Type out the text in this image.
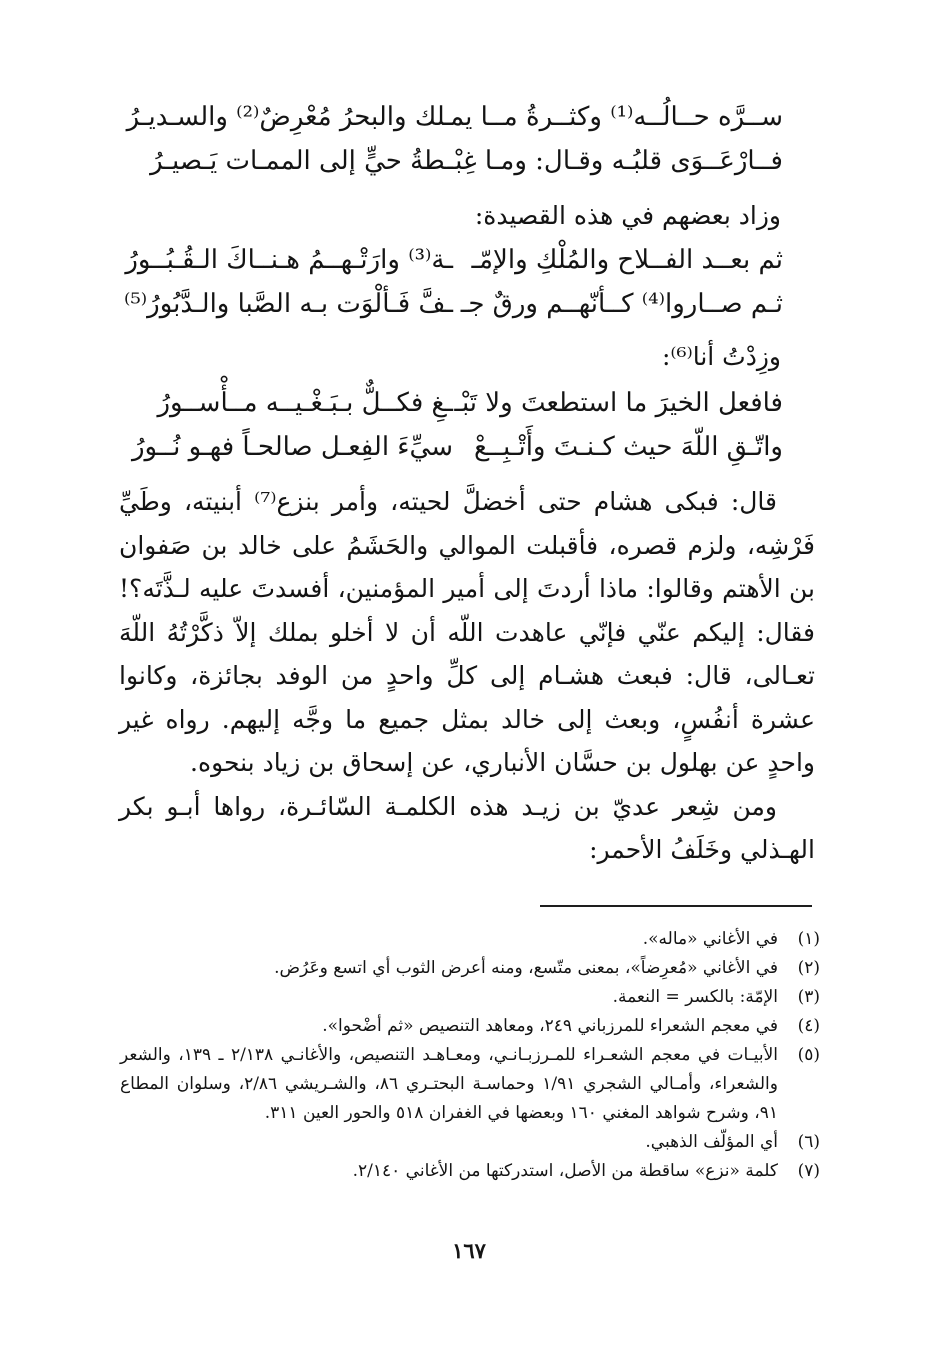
ســرَّه حــالُــه⁽¹⁾ وكثــرةُ مــا يمـ
ـلك والبحرُ مُعْرِضٌ⁽²⁾ والسـديـرُ
فــارْعَــوَى قلبُـه وقـال: ومـا غِبْـ
ـطةُ حيٍّ إلى الممـات يَـصيـرُ
وزاد بعضهم في هذه القصيدة:
ثم بعــد الفــلاح والمُلْكِ والإمّـ
ـة⁽³⁾ وارَتْـهــمُ هـنــاكَ الـقُـبُــورُ
ثـم صــاروا⁽⁴⁾ كــأنّهــم ورقٌ جـ
ـفَّ فَـألْوَت بـه الصَّبا والـدَّبُورُ⁽⁵⁾
وزِدْتُ أنا⁽⁶⁾:
فافعل الخيرَ ما استطعتَ ولا تَبْـ
ـغِ فكــلٌّ بـبَـغْـيــه مــأْســورُ
واتّـقِ اللّهَ حيث كـنـتَ وأَتْـبِــعْ
سيِّءَ الفِعـل صالحـاً فهـو نُــورُ

قال: فبكى هشام حتى أخضلَّ لحيته، وأمر بنزع⁽⁷⁾ أبنيته، وطَيِّ فَرْشِه، ولزم قصره، فأقبلت الموالي والحَشَمُ على خالد بن صَفوان بن الأهتم وقالوا: ماذا أردتَ إلى أمير المؤمنين، أفسدتَ عليه لـذَّتَه؟! فقال: إليكم عنّي فإنّي عاهدت اللّه أن لا أخلو بملك إلاّ ذكَّرْتُهُ اللّهَ تعـالى، قال: فبعث هشـام إلى كلِّ واحدٍ من الوفد بجائزة، وكانوا عشرة أنفُسٍ، وبعث إلى خالد بمثل جميع ما وجَّه إليهم. رواه غير واحدٍ عن بهلول بن حسَّان الأنباري، عن إسحاق بن زياد بنحوه.

ومن شِعر عديّ بن زيـد هذه الكلمـة السّائـرة، رواها أبـو بكر الهـذلي وخَلَفُ الأحمر:

(١)
في الأغاني «ماله».
(٢)
في الأغاني «مُعرِضاً»، بمعنى متّسع، ومنه أعرض الثوب أي اتسع وعَرُض.
(٣)
الإمّة: بالكسر = النعمة.
(٤)
في معجم الشعراء للمرزباني ٢٤٩، ومعاهد التنصيص «ثم أضْحوا».
(٥)
الأبيـات في معجم الشعـراء للمـرزبـانـي، ومعـاهـد التنصيص، والأغانـي ٢/١٣٨ ـ ١٣٩، والشعر والشعراء، وأمـالي الشجري ١/٩١ وحماسـة البحتـري ٨٦، والشـريشي ٢/٨٦، وسلوان المطاع ٩١، وشرح شواهد المغني ١٦٠ وبعضها في الغفران ٥١٨ والحور العين ٣١١.
(٦)
أي المؤلّف الذهبي.
(٧)
كلمة «نزع» ساقطة من الأصل، استدركتها من الأغاني ٢/١٤٠.
١٦٧
